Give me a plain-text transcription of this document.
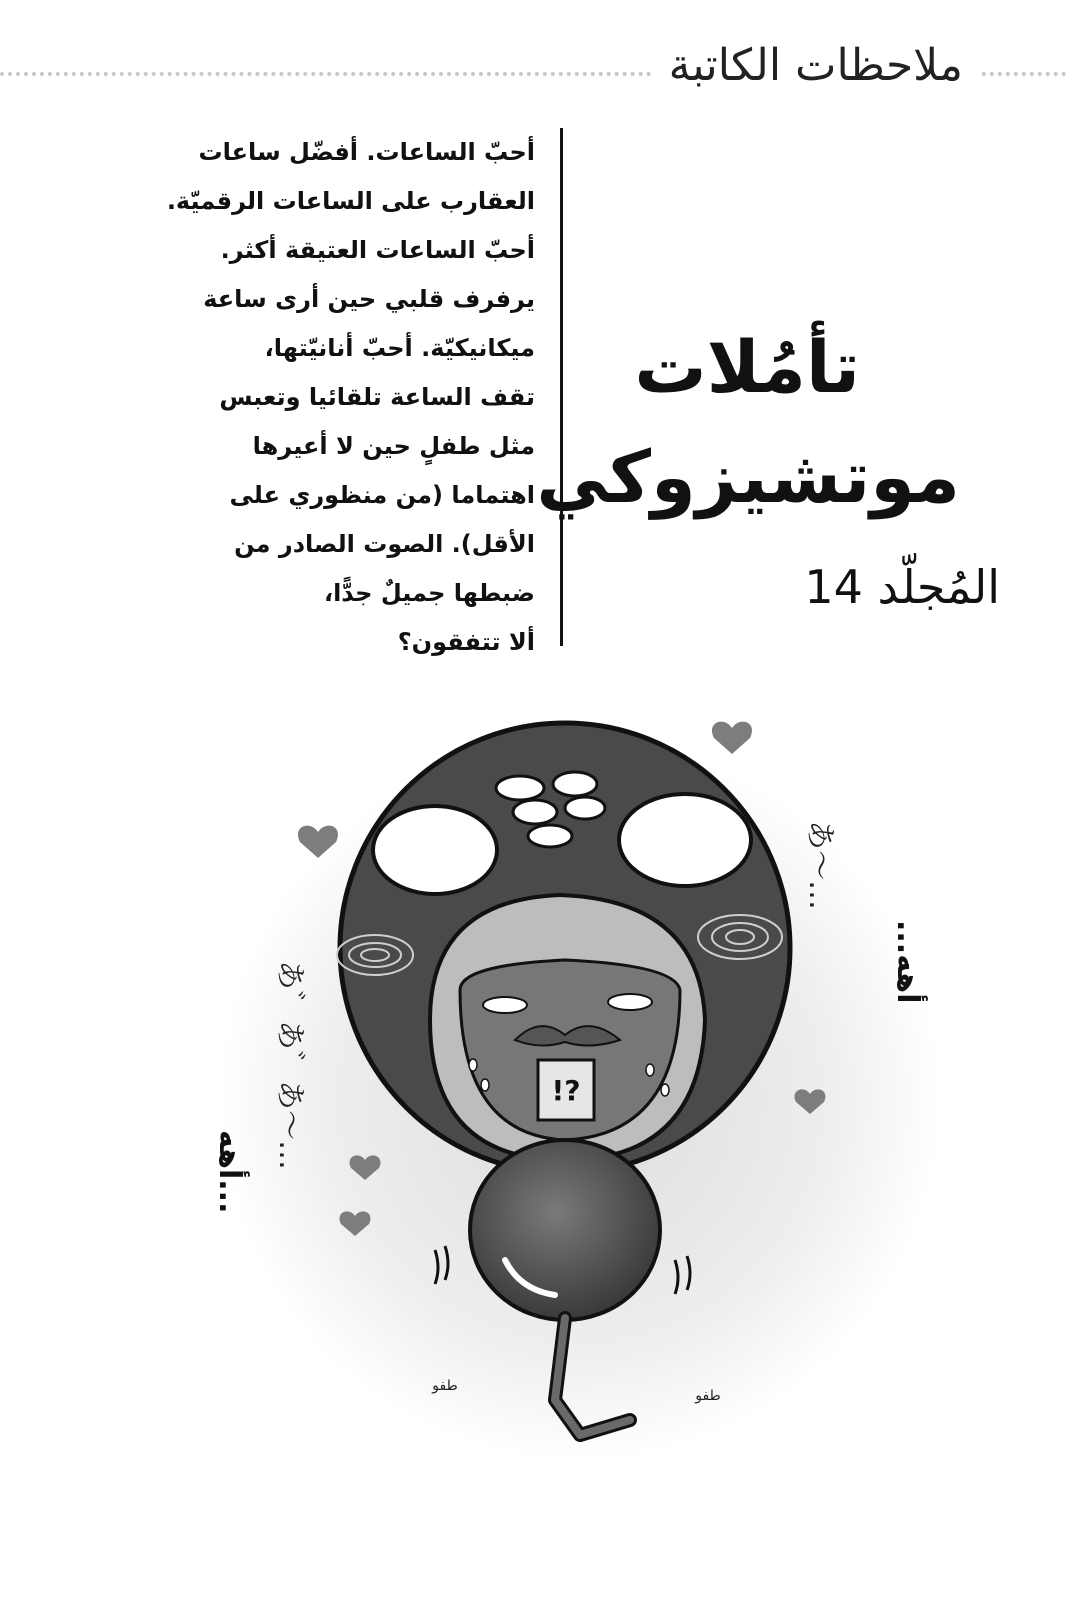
ملاحظات الكاتبة
أحبّ الساعات. أفضّل ساعات
العقارب على الساعات الرقميّة.
أحبّ الساعات العتيقة أكثر.
يرفرف قلبي حين أرى ساعة
ميكانيكيّة. أحبّ أنانيّتها،
تقف الساعة تلقائيا وتعبس
مثل طفلٍ حين لا أعيرها
اهتماما (من منظوري على
الأقل). الصوت الصادر من
ضبطها جميلٌ جدًّا،
ألا تتفقون؟
تأمُلات
موتشيزوكي
المُجلّد 14
!?
أهه...
...أهه
あ゛あ゛あ〜…
あ〜…
طفو
طفو
